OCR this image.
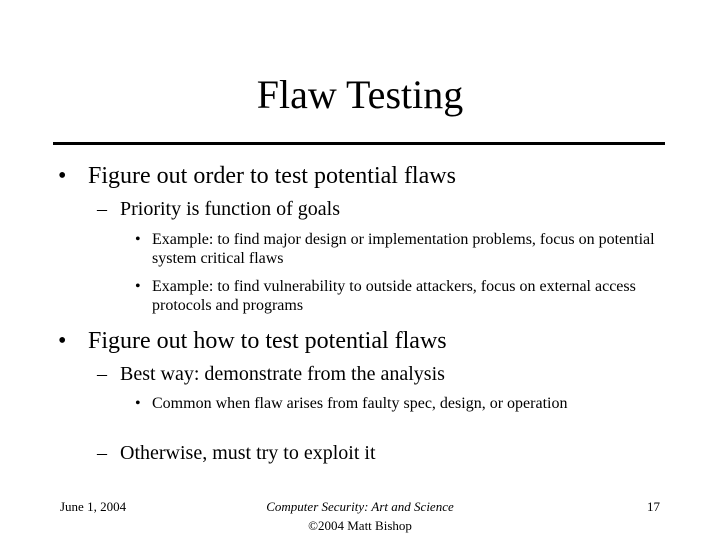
Flaw Testing
• Figure out order to test potential flaws
– Priority is function of goals
• Example: to find major design or implementation problems, focus on potential system critical flaws
• Example: to find vulnerability to outside attackers, focus on external access protocols and programs
• Figure out how to test potential flaws
– Best way: demonstrate from the analysis
• Common when flaw arises from faulty spec, design, or operation
– Otherwise, must try to exploit it
June 1, 2004	Computer Security: Art and Science
©2004 Matt Bishop
17
